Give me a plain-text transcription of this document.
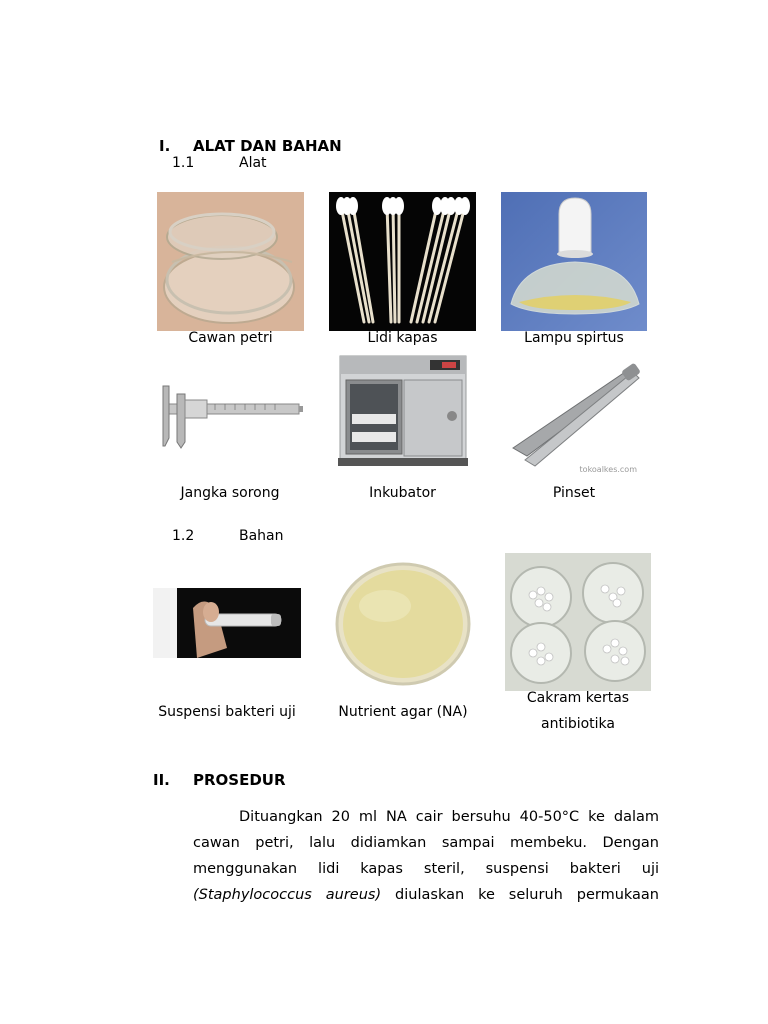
I. ALAT DAN BAHAN
1.1	Alat
Cawan petri	Lidi kapas	Lampu spirtus
tokoalkes.com
Jangka sorong	Inkubator	Pinset
1.2	Bahan
Suspensi bakteri uji	Nutrient agar (NA)
Cakram kertas
antibiotika
II. PROSEDUR
Dituangkan 20 ml NA cair bersuhu 40-50°C ke dalam
cawan petri, lalu didiamkan sampai membeku. Dengan
menggunakan lidi kapas steril, suspensi bakteri uji
(Staphylococcus aureus) diulaskan ke seluruh permukaan
